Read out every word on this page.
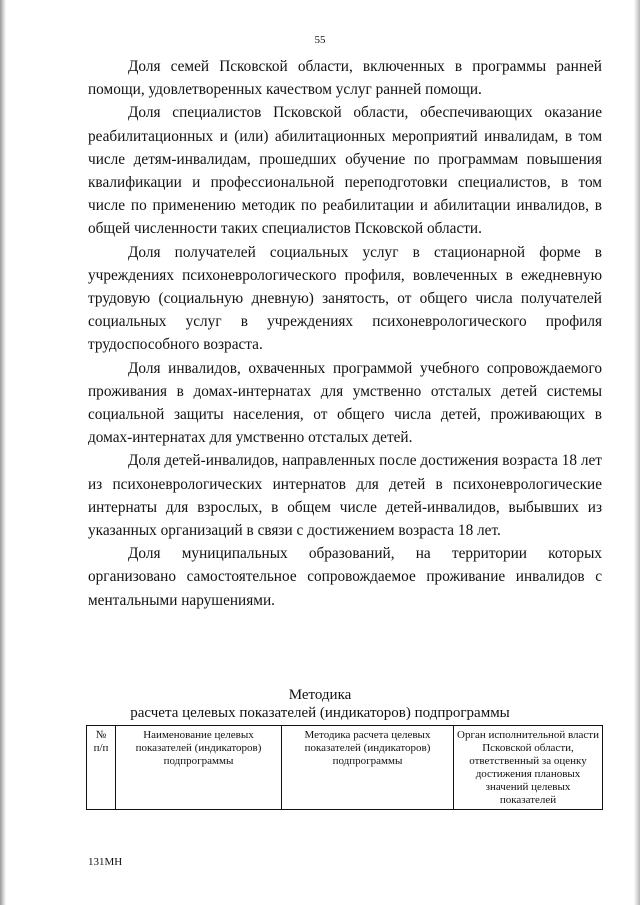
55

Доля семей Псковской области, включенных в программы ранней помощи, удовлетворенных качеством услуг ранней помощи.

Доля специалистов Псковской области, обеспечивающих оказание реабилитационных и (или) абилитационных мероприятий инвалидам, в том числе детям-инвалидам, прошедших обучение по программам повышения квалификации и профессиональной переподготовки специалистов, в том числе по применению методик по реабилитации и абилитации инвалидов, в общей численности таких специалистов Псковской области.

Доля получателей социальных услуг в стационарной форме в учреждениях психоневрологического профиля, вовлеченных в ежедневную трудовую (социальную дневную) занятость, от общего числа получателей социальных услуг в учреждениях психоневрологического профиля трудоспособного возраста.

Доля инвалидов, охваченных программой учебного сопровождаемого проживания в домах-интернатах для умственно отсталых детей системы социальной защиты населения, от общего числа детей, проживающих в домах-интернатах для умственно отсталых детей.

Доля детей-инвалидов, направленных после достижения возраста 18 лет из психоневрологических интернатов для детей в психоневрологические интернаты для взрослых, в общем числе детей-инвалидов, выбывших из указанных организаций в связи с достижением возраста 18 лет.

Доля муниципальных образований, на территории которых организовано самостоятельное сопровождаемое проживание инвалидов с ментальными нарушениями.

Методика
расчета целевых показателей (индикаторов) подпрограммы
№ п/п	Наименование целевых показателей (индикаторов) подпрограммы	Методика расчета целевых показателей (индикаторов) подпрограммы	Орган исполнительной власти Псковской области, ответственный за оценку достижения плановых значений целевых показателей
131МН
